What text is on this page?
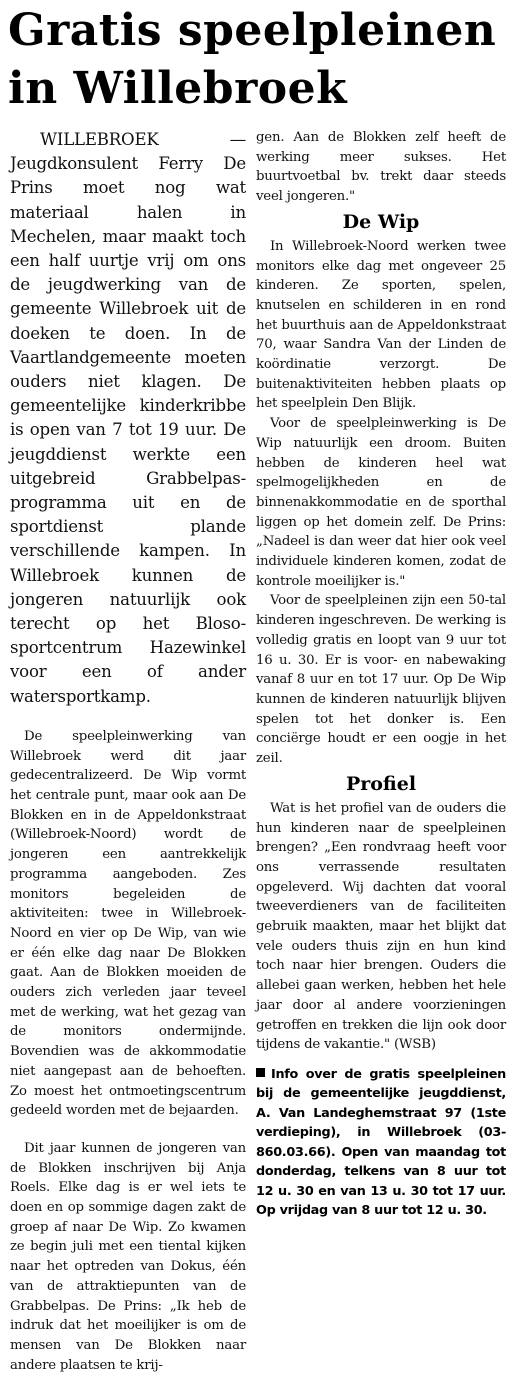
Gratis speelpleinen
in Willebroek

WILLEBROEK — Jeugdkonsulent Ferry De Prins moet nog wat materiaal halen in Mechelen, maar maakt toch een half uurtje vrij om ons de jeugdwerking van de gemeente Willebroek uit de doeken te doen. In de Vaartlandgemeente moeten ouders niet klagen. De gemeentelijke kinderkribbe is open van 7 tot 19 uur. De jeugddienst werkte een uitgebreid Grabbelpas-programma uit en de sportdienst plande verschillende kampen. In Willebroek kunnen de jongeren natuurlijk ook terecht op het Bloso-sportcentrum Hazewinkel voor een of ander watersportkamp.

De speelpleinwerking van Willebroek werd dit jaar gedecentralizeerd. De Wip vormt het centrale punt, maar ook aan De Blokken en in de Appeldonkstraat (Willebroek-Noord) wordt de jongeren een aantrekkelijk programma aangeboden. Zes monitors begeleiden de aktiviteiten: twee in Willebroek-Noord en vier op De Wip, van wie er één elke dag naar De Blokken gaat. Aan de Blokken moeiden de ouders zich verleden jaar teveel met de werking, wat het gezag van de monitors ondermijnde. Bovendien was de akkommodatie niet aangepast aan de behoeften. Zo moest het ontmoetingscentrum gedeeld worden met de bejaarden.

Dit jaar kunnen de jongeren van de Blokken inschrijven bij Anja Roels. Elke dag is er wel iets te doen en op sommige dagen zakt de groep af naar De Wip. Zo kwamen ze begin juli met een tiental kijken naar het optreden van Dokus, één van de attraktiepunten van de Grabbelpas. De Prins: „Ik heb de indruk dat het moeilijker is om de mensen van De Blokken naar andere plaatsen te krij-

gen. Aan de Blokken zelf heeft de werking meer sukses. Het buurtvoetbal bv. trekt daar steeds veel jongeren."

De Wip

In Willebroek-Noord werken twee monitors elke dag met ongeveer 25 kinderen. Ze sporten, spelen, knutselen en schilderen in en rond het buurthuis aan de Appeldonkstraat 70, waar Sandra Van der Linden de koördinatie verzorgt. De buitenaktiviteiten hebben plaats op het speelplein Den Blijk.

Voor de speelpleinwerking is De Wip natuurlijk een droom. Buiten hebben de kinderen heel wat spelmogelijkheden en de binnenakkommodatie en de sporthal liggen op het domein zelf. De Prins: „Nadeel is dan weer dat hier ook veel individuele kinderen komen, zodat de kontrole moeilijker is."

Voor de speelpleinen zijn een 50-tal kinderen ingeschreven. De werking is volledig gratis en loopt van 9 uur tot 16 u. 30. Er is voor- en nabewaking vanaf 8 uur en tot 17 uur. Op De Wip kunnen de kinderen natuurlijk blijven spelen tot het donker is. Een conciërge houdt er een oogje in het zeil.

Profiel

Wat is het profiel van de ouders die hun kinderen naar de speelpleinen brengen? „Een rondvraag heeft voor ons verrassende resultaten opgeleverd. Wij dachten dat vooral tweeverdieners van de faciliteiten gebruik maakten, maar het blijkt dat vele ouders thuis zijn en hun kind toch naar hier brengen. Ouders die allebei gaan werken, hebben het hele jaar door al andere voorzieningen getroffen en trekken die lijn ook door tijdens de vakantie." (WSB)

Info over de gratis speelpleinen bij de gemeentelijke jeugddienst, A. Van Landeghemstraat 97 (1ste verdieping), in Willebroek (03-860.03.66). Open van maandag tot donderdag, telkens van 8 uur tot 12 u. 30 en van 13 u. 30 tot 17 uur. Op vrijdag van 8 uur tot 12 u. 30.
